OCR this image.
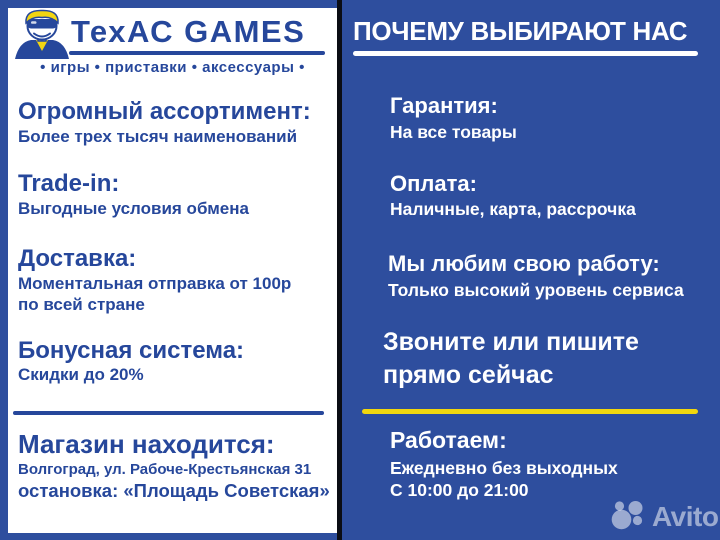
ТехАС GAMES
• игры • приставки • аксессуары •
Огромный ассортимент:
Более трех тысяч наименований
Trade-in:
Выгодные условия обмена
Доставка:
Моментальная отправка от 100р
по всей стране
Бонусная система:
Скидки до 20%
Магазин находится:
Волгоград, ул. Рабоче-Крестьянская 31
остановка: «Площадь Советская»
ПОЧЕМУ ВЫБИРАЮТ НАС
Гарантия:
На все товары
Оплата:
Наличные, карта, рассрочка
Мы любим свою работу:
Только высокий уровень сервиса
Звоните или пишите
прямо сейчас
Работаем:
Ежедневно без выходных
С 10:00 до 21:00
Avito
